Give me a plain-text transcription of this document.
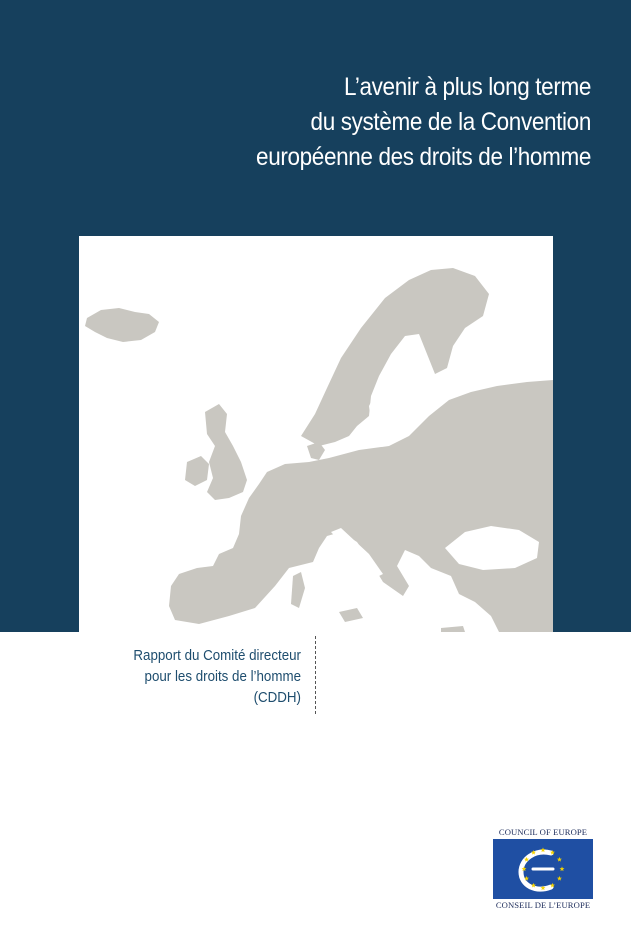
L’avenir à plus long terme
du système de la Convention
européenne des droits de l’homme
Rapport du Comité directeur
pour les droits de l’homme
(CDDH)
COUNCIL OF EUROPE
CONSEIL DE L’EUROPE
